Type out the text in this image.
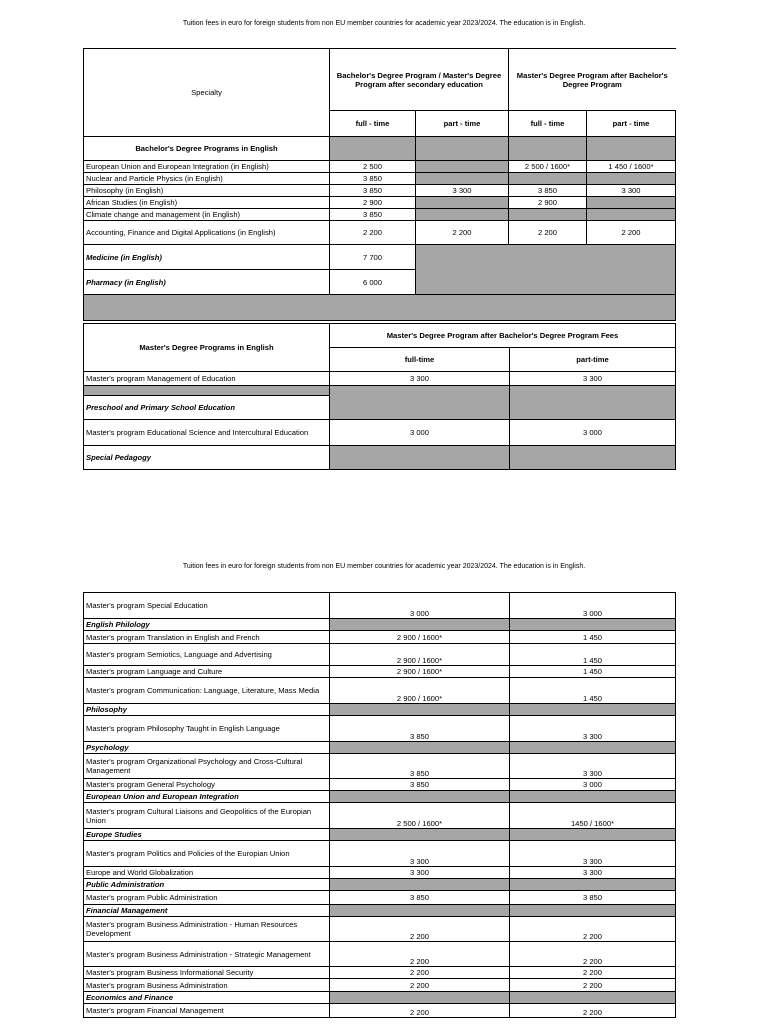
Tuition fees in euro for foreign students from non EU member countries for academic year 2023/2024. The education is in English.
Specialty	Bachelor's Degree Program / Master's Degree Program after secondary education		Master's Degree Program after Bachelor's Degree Program	
	full - time	part - time	full - time	part - time
Bachelor's Degree Programs in English				
European Union and European Integration (in English)	2 500		2 500 / 1600*	1 450 / 1600*
Nuclear and Particle Physics (in English)	3 850			
Philosophy (in English)	3 850	3 300	3 850	3 300
African Studies (in English)	2 900		2 900	
Climate change and management (in English)	3 850			
Accounting, Finance and Digital Applications (in English)	2 200	2 200	2 200	2 200
Medicine (in English)	7 700			
Pharmacy (in English)	6 000			

Master's Degree Programs in English	Master's Degree Program after Bachelor's Degree Program Fees	
	full-time	part-time
Master's program Management of Education	3 300	3 300

Preschool and Primary School Education		
Master's program Educational Science and Intercultural Education	3 000	3 000
Special Pedagogy		
Tuition fees in euro for foreign students from non EU member countries for academic year 2023/2024. The education is in English.
Master's program Special Education	3 000	3 000
English Philology		
Master's program Translation in English and French	2 900 / 1600*	1 450
Master's program Semiotics, Language and Advertising	2 900 / 1600*	1 450
Master's program Language and Culture	2 900 / 1600*	1 450
Master's program Communication: Language, Literature, Mass Media	2 900 / 1600*	1 450
Philosophy		
Master's program Philosophy Taught in English Language	3 850	3 300
Psychology		
Master's program Organizational Psychology and Cross-Cultural Management	3 850	3 300
Master's program General Psychology	3 850	3 000
European Union and European Integration		
Master's program Cultural Liaisons and Geopolitics of the Europian Union	2 500 / 1600*	1450 / 1600*
Europe Studies		
Master's program Politics and Policies of the Europian Union	3 300	3 300
Europe and World Globalization	3 300	3 300
Public Administration		
Master's program Public Administration	3 850	3 850
Financial Management		
Master's program Business Administration - Human Resources Development	2 200	2 200
Master's program Business Administration - Strategic Management	2 200	2 200
Master's program Business Informational Security	2 200	2 200
Master's program Business Administration	2 200	2 200
Economics and Finance		
Master's program Financial Management	2 200	2 200
